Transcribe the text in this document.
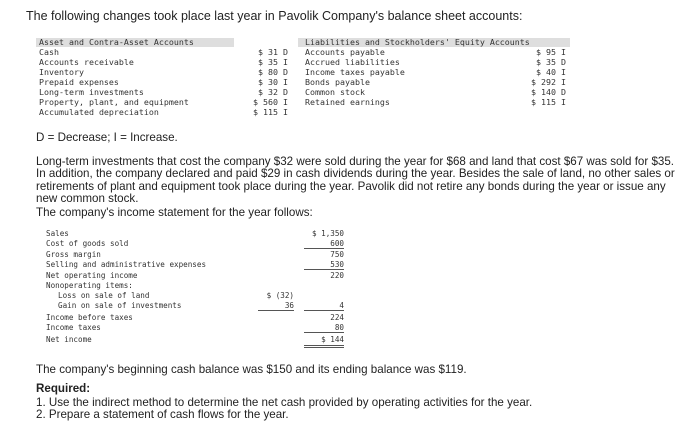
The following changes took place last year in Pavolik Company's balance sheet accounts:
Asset and Contra-Asset Accounts	Liabilities and Stockholders' Equity Accounts
Cash	$ 31 D
Accounts receivable	$ 35 I
Inventory	$ 80 D
Prepaid expenses	$ 30 I
Long-term investments	$ 32 D
Property, plant, and equipment	$ 560 I
Accumulated depreciation	$ 115 I
Accounts payable	$ 95 I
Accrued liabilities	$ 35 D
Income taxes payable	$ 40 I
Bonds payable	$ 292 I
Common stock	$ 140 D
Retained earnings	$ 115 I
D = Decrease; I = Increase.
Long-term investments that cost the company $32 were sold during the year for $68 and land that cost $67 was sold for $35. In addition, the company declared and paid $29 in cash dividends during the year. Besides the sale of land, no other sales or retirements of plant and equipment took place during the year. Pavolik did not retire any bonds during the year or issue any new common stock.
The company's income statement for the year follows:
Sales	$ 1,350
Cost of goods sold	600
Gross margin	750
Selling and administrative expenses	530
Net operating income	220
Nonoperating items:
Loss on sale of land	$ (32)
Gain on sale of investments	36	4
Income before taxes	224
Income taxes	80
Net income	$ 144
The company's beginning cash balance was $150 and its ending balance was $119.
Required:
1. Use the indirect method to determine the net cash provided by operating activities for the year.
2. Prepare a statement of cash flows for the year.
